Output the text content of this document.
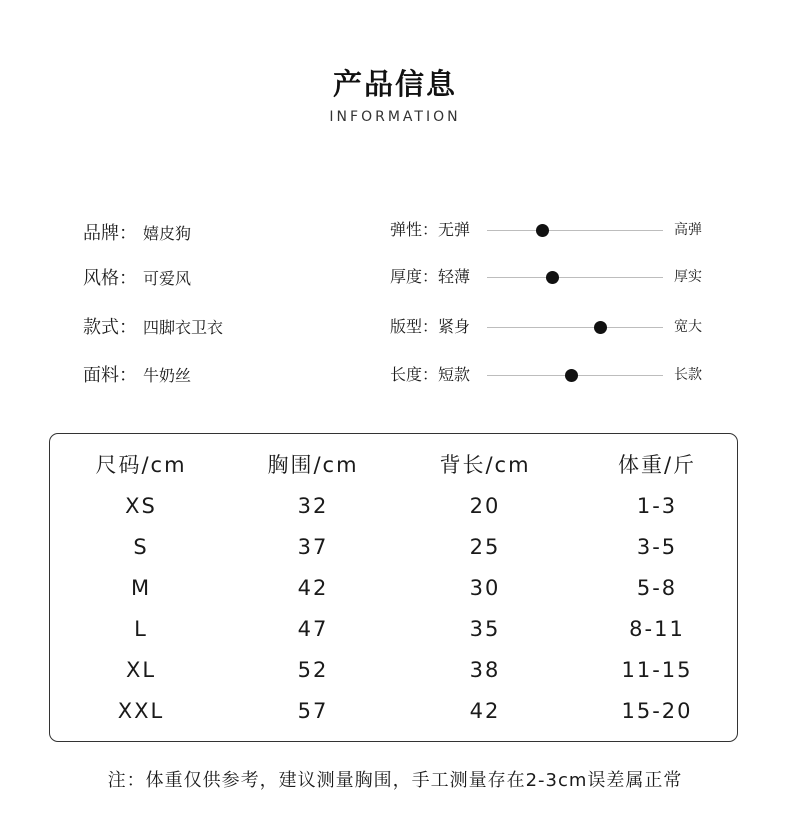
产品信息
INFORMATION
品牌： 嬉皮狗
风格： 可爱风
款式： 四脚衣卫衣
面料： 牛奶丝
弹性：无弹	高弹
厚度：轻薄	厚实
版型：紧身	宽大
长度：短款	长款
尺码/cm	胸围/cm	背长/cm	体重/斤
XS	32	20	1-3
S	37	25	3-5
M	42	30	5-8
L	47	35	8-11
XL	52	38	11-15
XXL	57	42	15-20
注：体重仅供参考，建议测量胸围，手工测量存在2-3cm误差属正常
